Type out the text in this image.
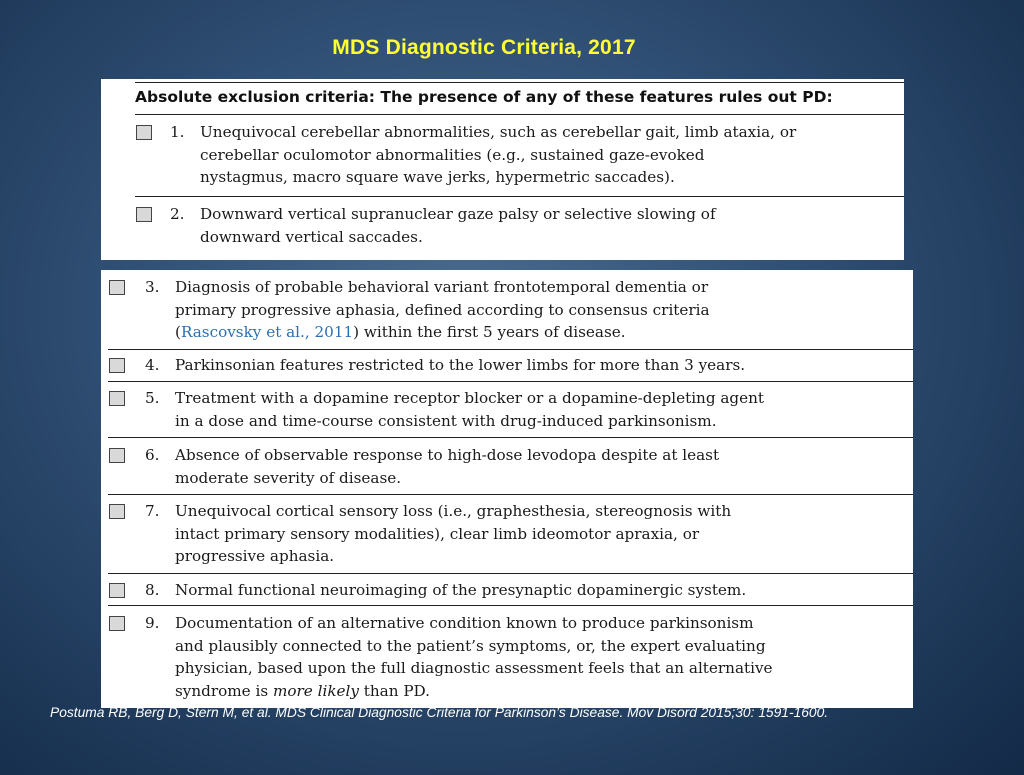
MDS Diagnostic Criteria, 2017
Absolute exclusion criteria: The presence of any of these features rules out PD:
1. Unequivocal cerebellar abnormalities, such as cerebellar gait, limb ataxia, or
cerebellar oculomotor abnormalities (e.g., sustained gaze-evoked
nystagmus, macro square wave jerks, hypermetric saccades).
2. Downward vertical supranuclear gaze palsy or selective slowing of
downward vertical saccades.
3. Diagnosis of probable behavioral variant frontotemporal dementia or
primary progressive aphasia, defined according to consensus criteria
(Rascovsky et al., 2011) within the first 5 years of disease.
4. Parkinsonian features restricted to the lower limbs for more than 3 years.
5. Treatment with a dopamine receptor blocker or a dopamine-depleting agent
in a dose and time-course consistent with drug-induced parkinsonism.
6. Absence of observable response to high-dose levodopa despite at least
moderate severity of disease.
7. Unequivocal cortical sensory loss (i.e., graphesthesia, stereognosis with
intact primary sensory modalities), clear limb ideomotor apraxia, or
progressive aphasia.
8. Normal functional neuroimaging of the presynaptic dopaminergic system.
9. Documentation of an alternative condition known to produce parkinsonism
and plausibly connected to the patient’s symptoms, or, the expert evaluating
physician, based upon the full diagnostic assessment feels that an alternative
syndrome is more likely than PD.
Postuma RB, Berg D, Stern M, et al. MDS Clinical Diagnostic Criteria for Parkinson’s Disease. Mov Disord 2015;30: 1591-1600.
